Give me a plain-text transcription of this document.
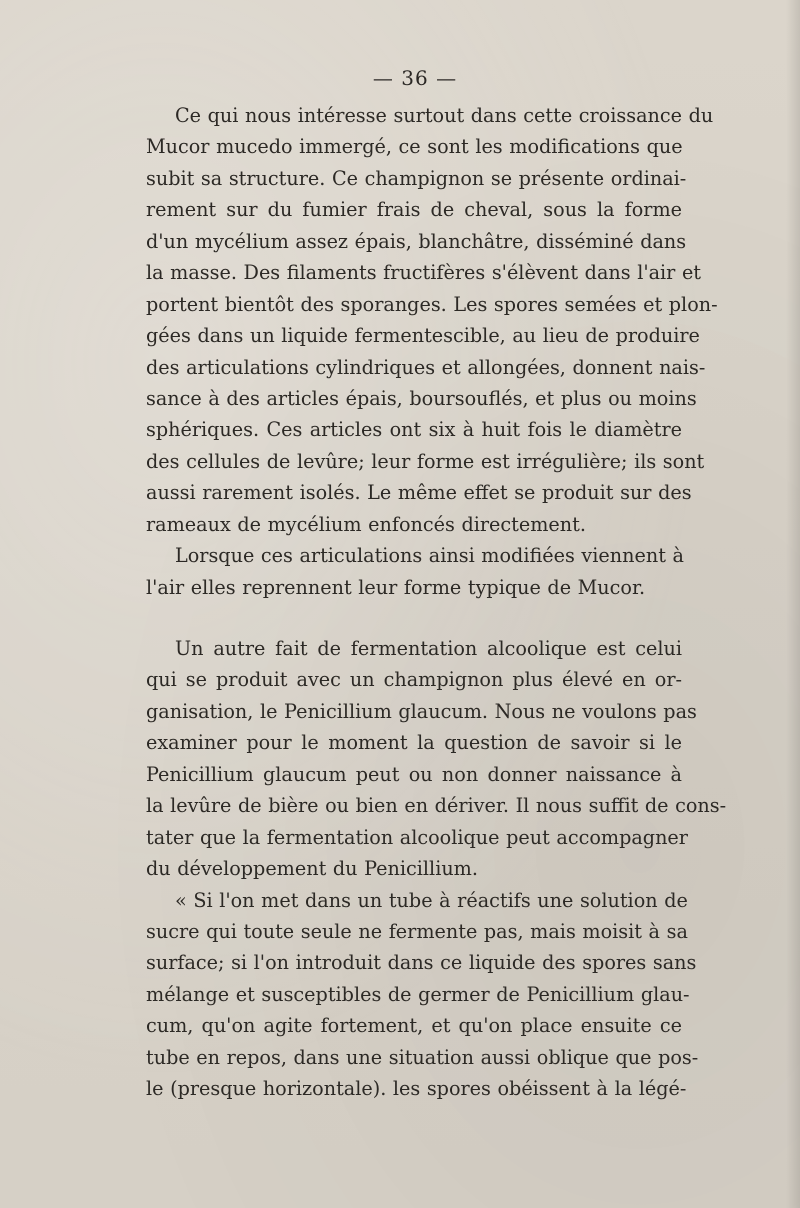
— 36 —
Ce qui nous intéresse surtout dans cette croissance du
Mucor mucedo immergé, ce sont les modifications que
subit sa structure. Ce champignon se présente ordinai-
rement sur du fumier frais de cheval, sous la forme
d'un mycélium assez épais, blanchâtre, disséminé dans
la masse. Des filaments fructifères s'élèvent dans l'air et
portent bientôt des sporanges. Les spores semées et plon-
gées dans un liquide fermentescible, au lieu de produire
des articulations cylindriques et allongées, donnent nais-
sance à des articles épais, boursouflés, et plus ou moins
sphériques. Ces articles ont six à huit fois le diamètre
des cellules de levûre; leur forme est irrégulière; ils sont
aussi rarement isolés. Le même effet se produit sur des
rameaux de mycélium enfoncés directement.
Lorsque ces articulations ainsi modifiées viennent à
l'air elles reprennent leur forme typique de Mucor.
Un autre fait de fermentation alcoolique est celui
qui se produit avec un champignon plus élevé en or-
ganisation, le Penicillium glaucum. Nous ne voulons pas
examiner pour le moment la question de savoir si le
Penicillium glaucum peut ou non donner naissance à
la levûre de bière ou bien en dériver. Il nous suffit de cons-
tater que la fermentation alcoolique peut accompagner
du développement du Penicillium.
« Si l'on met dans un tube à réactifs une solution de
sucre qui toute seule ne fermente pas, mais moisit à sa
surface; si l'on introduit dans ce liquide des spores sans
mélange et susceptibles de germer de Penicillium glau-
cum, qu'on agite fortement, et qu'on place ensuite ce
tube en repos, dans une situation aussi oblique que pos-
le (presque horizontale). les spores obéissent à la légé-
